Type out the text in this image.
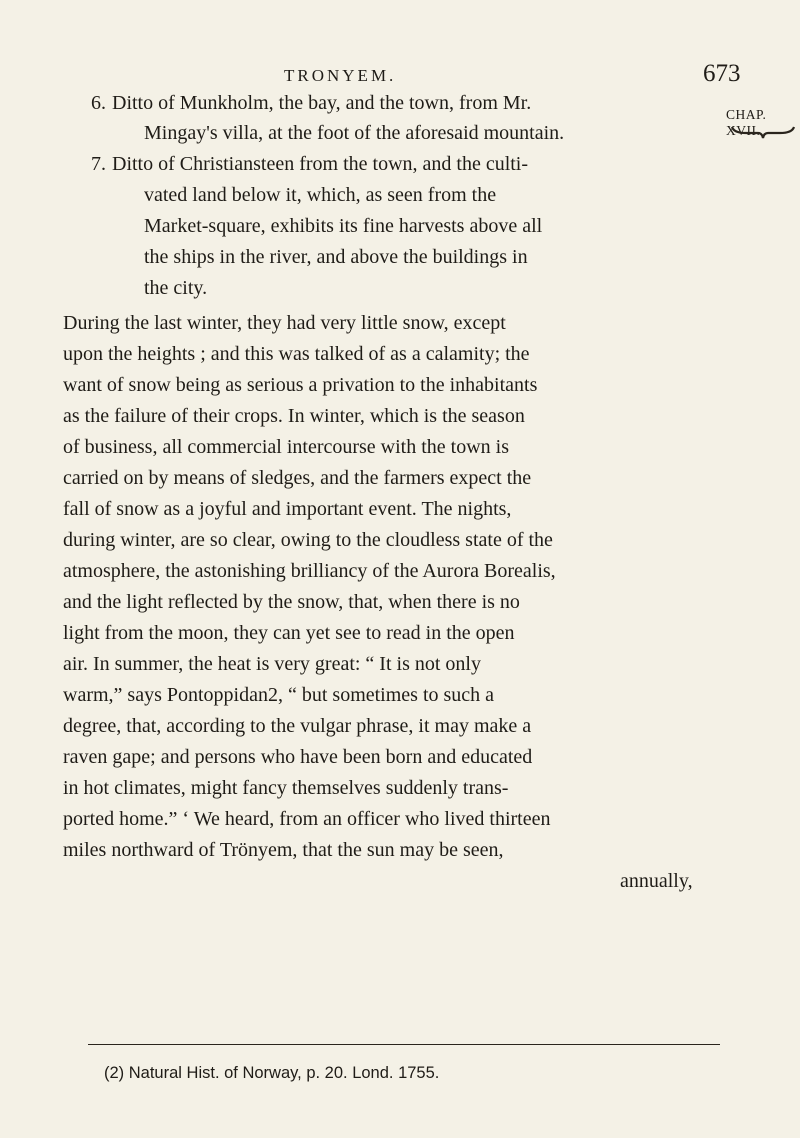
TRONYEM.	673
CHAP. XVII.
6. Ditto of Munkholm, the bay, and the town, from Mr.
Mingay's villa, at the foot of the aforesaid mountain.
7. Ditto of Christiansteen from the town, and the culti-
vated land below it, which, as seen from the
Market-square, exhibits its fine harvests above all
the ships in the river, and above the buildings in
the city.
During the last winter, they had very little snow, except
upon the heights ; and this was talked of as a calamity; the
want of snow being as serious a privation to the inhabitants
as the failure of their crops. In winter, which is the season
of business, all commercial intercourse with the town is
carried on by means of sledges, and the farmers expect the
fall of snow as a joyful and important event. The nights,
during winter, are so clear, owing to the cloudless state of the
atmosphere, the astonishing brilliancy of the Aurora Borealis,
and the light reflected by the snow, that, when there is no
light from the moon, they can yet see to read in the open
air. In summer, the heat is very great: “ It is not only
warm,” says Pontoppidan2, “ but sometimes to such a
degree, that, according to the vulgar phrase, it may make a
raven gape; and persons who have been born and educated
in hot climates, might fancy themselves suddenly trans-
ported home.” ‘ We heard, from an officer who lived thirteen
miles northward of Trönyem, that the sun may be seen,
annually,
(2) Natural Hist. of Norway, p. 20. Lond. 1755.
